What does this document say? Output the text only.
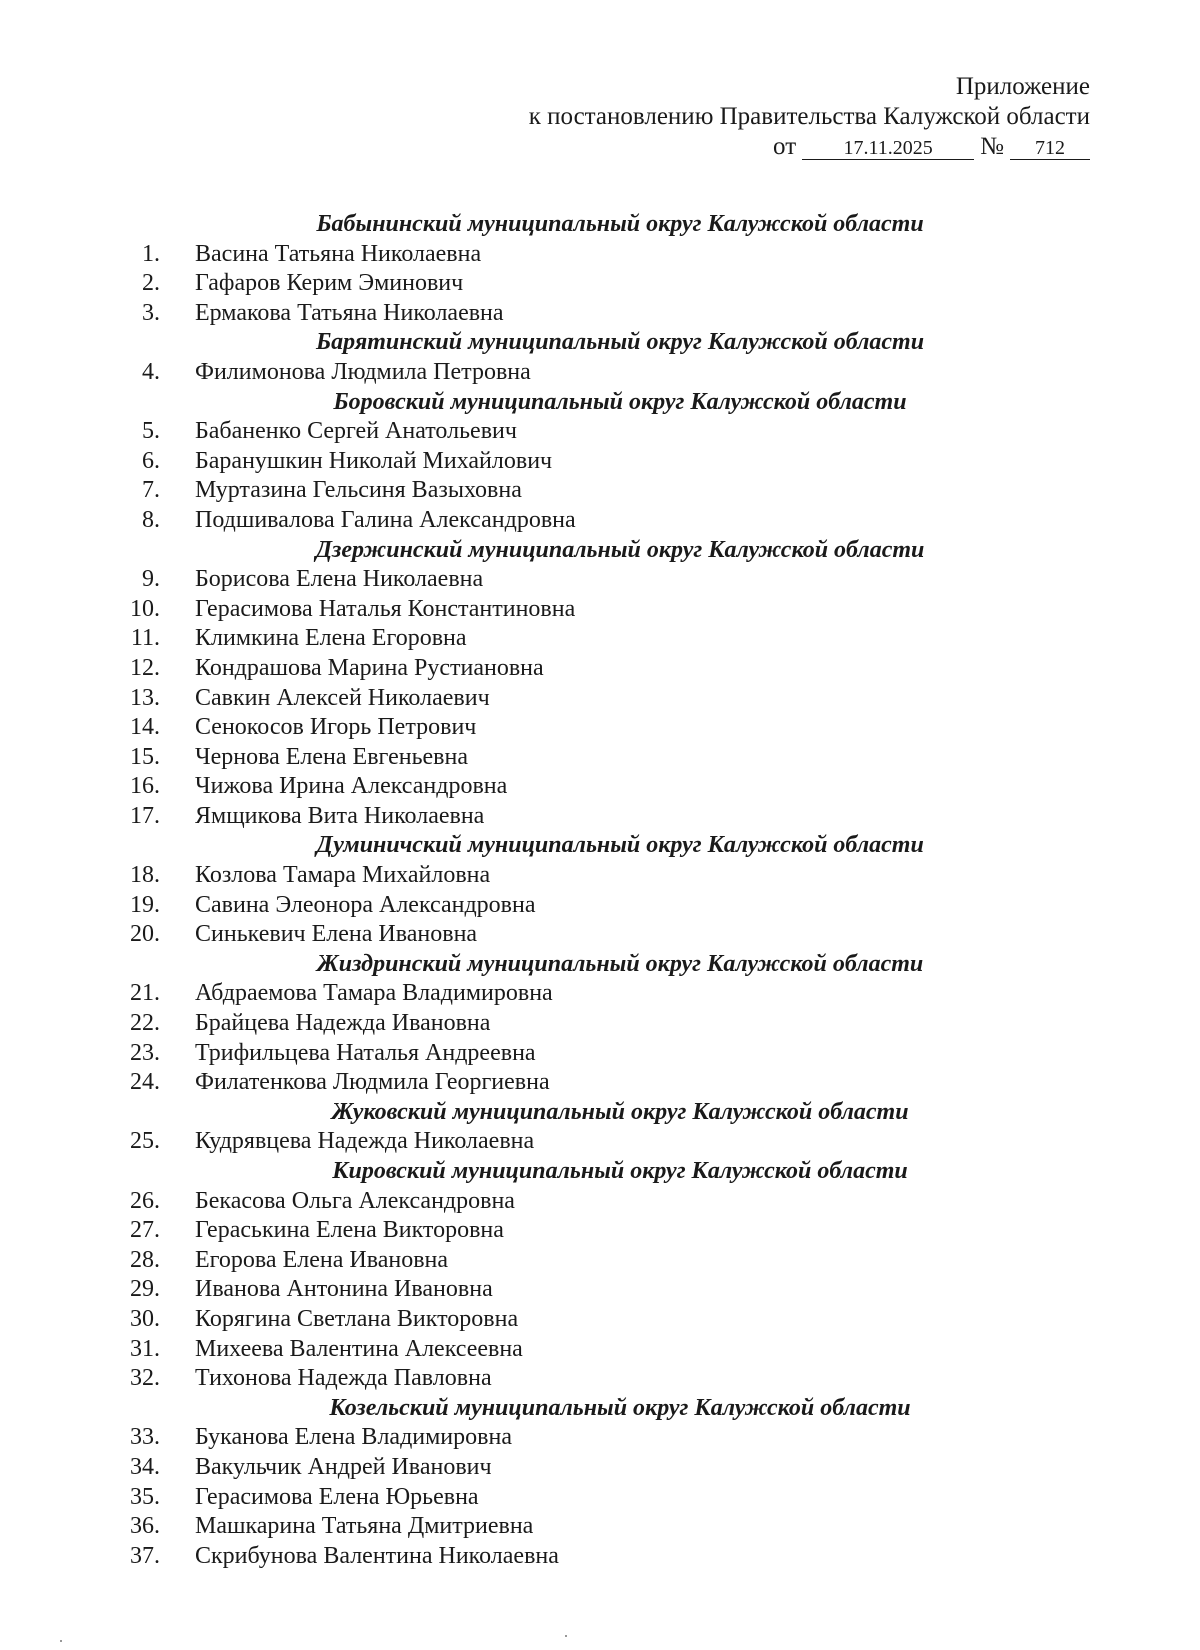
Приложение
к постановлению Правительства Калужской области
от	17.11.2025	№	712
Бабынинский муниципальный округ Калужской области
1. Васина Татьяна Николаевна
2. Гафаров Керим Эминович
3. Ермакова Татьяна Николаевна
Барятинский муниципальный округ Калужской области
4. Филимонова Людмила Петровна
Боровский муниципальный округ Калужской области
5. Бабаненко Сергей Анатольевич
6. Баранушкин Николай Михайлович
7. Муртазина Гельсиня Вазыховна
8. Подшивалова Галина Александровна
Дзержинский муниципальный округ Калужской области
9. Борисова Елена Николаевна
10. Герасимова Наталья Константиновна
11. Климкина Елена Егоровна
12. Кондрашова Марина Рустиановна
13. Савкин Алексей Николаевич
14. Сенокосов Игорь Петрович
15. Чернова Елена Евгеньевна
16. Чижова Ирина Александровна
17. Ямщикова Вита Николаевна
Думиничский муниципальный округ Калужской области
18. Козлова Тамара Михайловна
19. Савина Элеонора Александровна
20. Синькевич Елена Ивановна
Жиздринский муниципальный округ Калужской области
21. Абдраемова Тамара Владимировна
22. Брайцева Надежда Ивановна
23. Трифильцева Наталья Андреевна
24. Филатенкова Людмила Георгиевна
Жуковский муниципальный округ Калужской области
25. Кудрявцева Надежда Николаевна
Кировский муниципальный округ Калужской области
26. Бекасова Ольга Александровна
27. Гераськина Елена Викторовна
28. Егорова Елена Ивановна
29. Иванова Антонина Ивановна
30. Корягина Светлана Викторовна
31. Михеева Валентина Алексеевна
32. Тихонова Надежда Павловна
Козельский муниципальный округ Калужской области
33. Буканова Елена Владимировна
34. Вакульчик Андрей Иванович
35. Герасимова Елена Юрьевна
36. Машкарина Татьяна Дмитриевна
37. Скрибунова Валентина Николаевна
